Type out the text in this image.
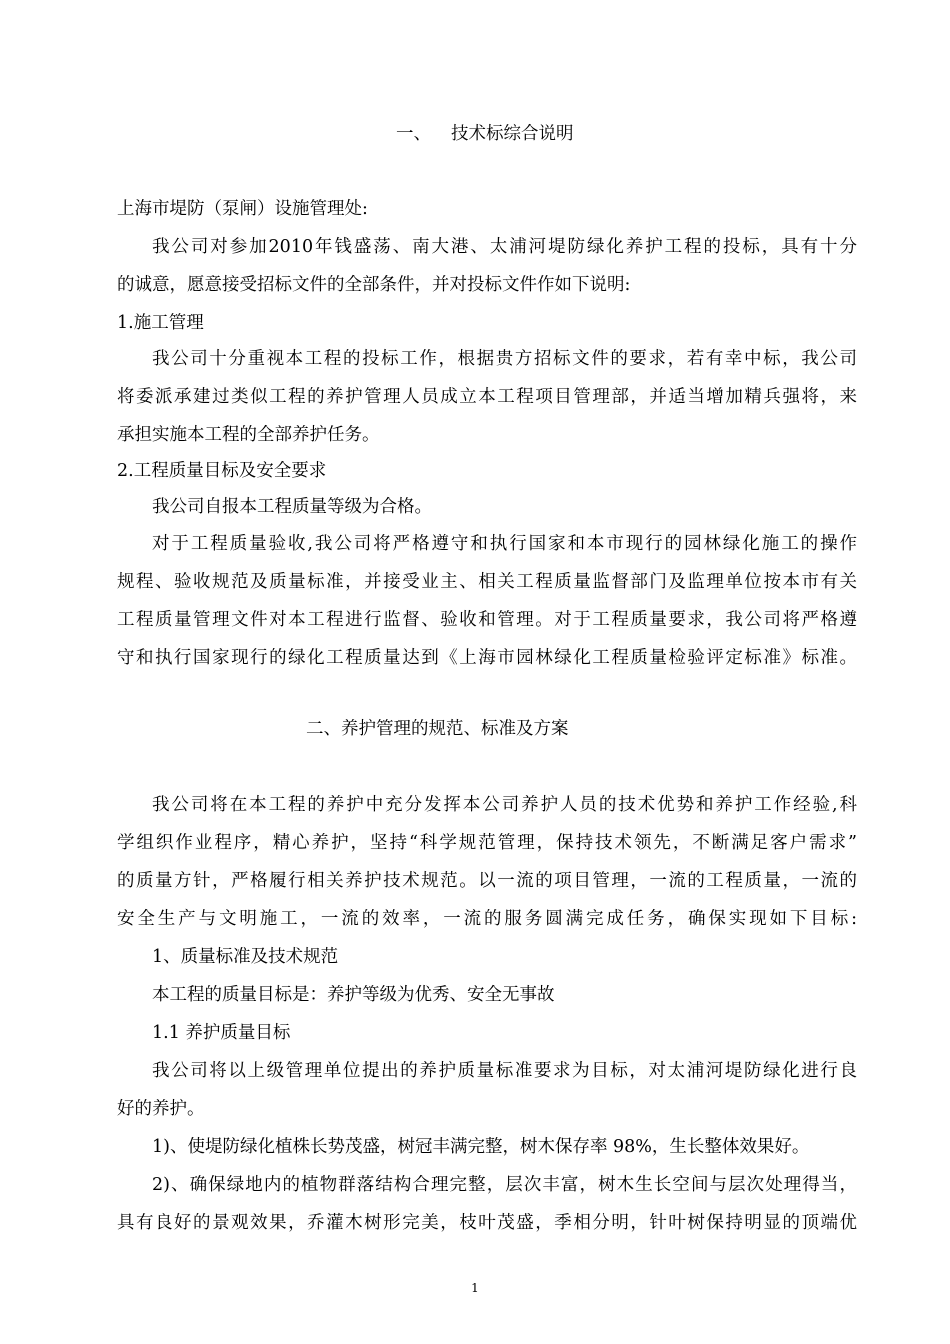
一、 技术标综合说明
上海市堤防（泵闸）设施管理处:
我公司对参加2010年钱盛荡、南大港、太浦河堤防绿化养护工程的投标，具有十分
的诚意，愿意接受招标文件的全部条件，并对投标文件作如下说明:
1.施工管理
我公司十分重视本工程的投标工作，根据贵方招标文件的要求，若有幸中标，我公司
将委派承建过类似工程的养护管理人员成立本工程项目管理部，并适当增加精兵强将，来
承担实施本工程的全部养护任务。
2.工程质量目标及安全要求
我公司自报本工程质量等级为合格。
对于工程质量验收,我公司将严格遵守和执行国家和本市现行的园林绿化施工的操作
规程、验收规范及质量标准，并接受业主、相关工程质量监督部门及监理单位按本市有关
工程质量管理文件对本工程进行监督、验收和管理。对于工程质量要求，我公司将严格遵
守和执行国家现行的绿化工程质量达到《上海市园林绿化工程质量检验评定标准》标准。
二、养护管理的规范、标准及方案
我公司将在本工程的养护中充分发挥本公司养护人员的技术优势和养护工作经验,科
学组织作业程序，精心养护，坚持“科学规范管理，保持技术领先，不断满足客户需求”
的质量方针，严格履行相关养护技术规范。以一流的项目管理，一流的工程质量，一流的
安全生产与文明施工，一流的效率，一流的服务圆满完成任务，确保实现如下目标:
1、质量标准及技术规范
本工程的质量目标是：养护等级为优秀、安全无事故
1.1 养护质量目标
我公司将以上级管理单位提出的养护质量标准要求为目标，对太浦河堤防绿化进行良
好的养护。
1)、使堤防绿化植株长势茂盛，树冠丰满完整，树木保存率 98%，生长整体效果好。
2)、确保绿地内的植物群落结构合理完整，层次丰富，树木生长空间与层次处理得当，
具有良好的景观效果，乔灌木树形完美，枝叶茂盛，季相分明，针叶树保持明显的顶端优
1
